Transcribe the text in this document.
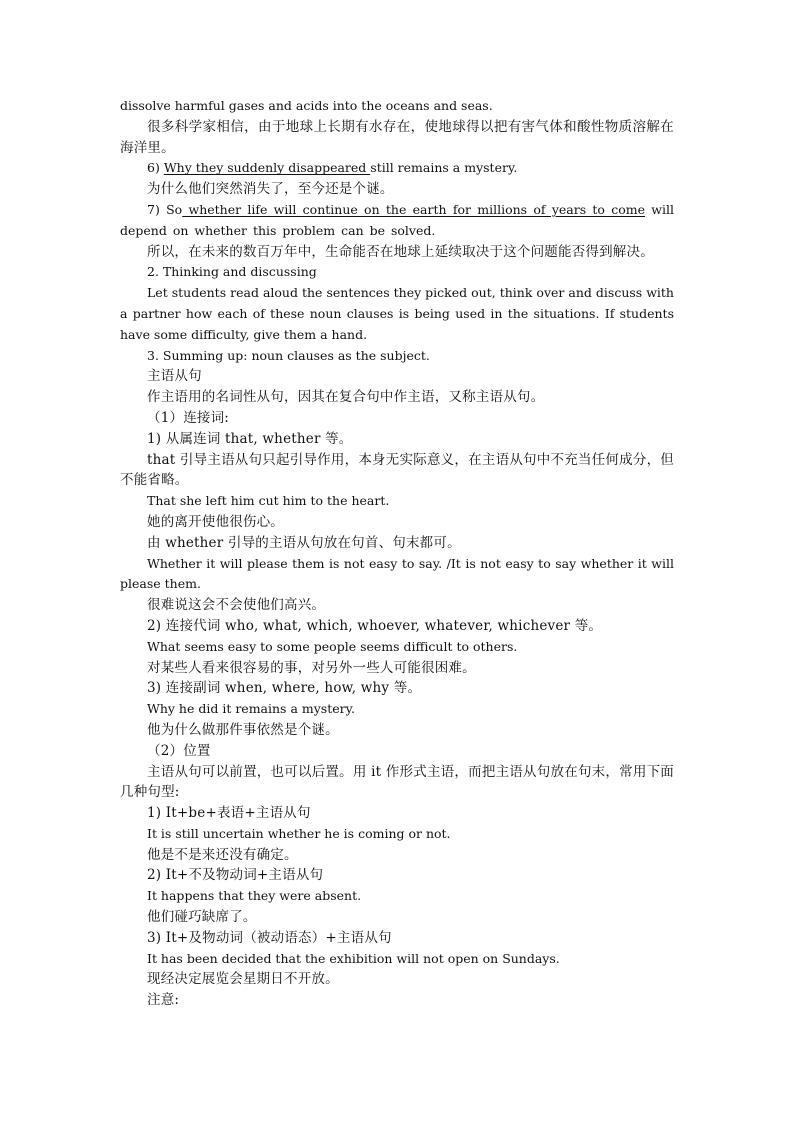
dissolve harmful gases and acids into the oceans and seas.

很多科学家相信，由于地球上长期有水存在，使地球得以把有害气体和酸性物质溶解在海洋里。

6) Why they suddenly disappeared still remains a mystery.

为什么他们突然消失了，至今还是个谜。

7) So whether life will continue on the earth for millions of years to come will depend on whether this problem can be solved.

所以，在未来的数百万年中，生命能否在地球上延续取决于这个问题能否得到解决。

2. Thinking and discussing

Let students read aloud the sentences they picked out, think over and discuss with a partner how each of these noun clauses is being used in the situations. If students have some difficulty, give them a hand.

3. Summing up: noun clauses as the subject.

主语从句

作主语用的名词性从句，因其在复合句中作主语，又称主语从句。

（1）连接词:

1) 从属连词 that, whether 等。

that 引导主语从句只起引导作用，本身无实际意义，在主语从句中不充当任何成分，但不能省略。

That she left him cut him to the heart.

她的离开使他很伤心。

由 whether 引导的主语从句放在句首、句末都可。

Whether it will please them is not easy to say. /It is not easy to say whether it will please them.

很难说这会不会使他们高兴。

2) 连接代词 who, what, which, whoever, whatever, whichever 等。

What seems easy to some people seems difficult to others.

对某些人看来很容易的事，对另外一些人可能很困难。

3) 连接副词 when, where, how, why 等。

Why he did it remains a mystery.

他为什么做那件事依然是个谜。

（2）位置

主语从句可以前置，也可以后置。用 it 作形式主语，而把主语从句放在句末，常用下面几种句型:

1) It+be+表语+主语从句

It is still uncertain whether he is coming or not.

他是不是来还没有确定。

2) It+不及物动词+主语从句

It happens that they were absent.

他们碰巧缺席了。

3) It+及物动词（被动语态）+主语从句

It has been decided that the exhibition will not open on Sundays.

现经决定展览会星期日不开放。

注意:
